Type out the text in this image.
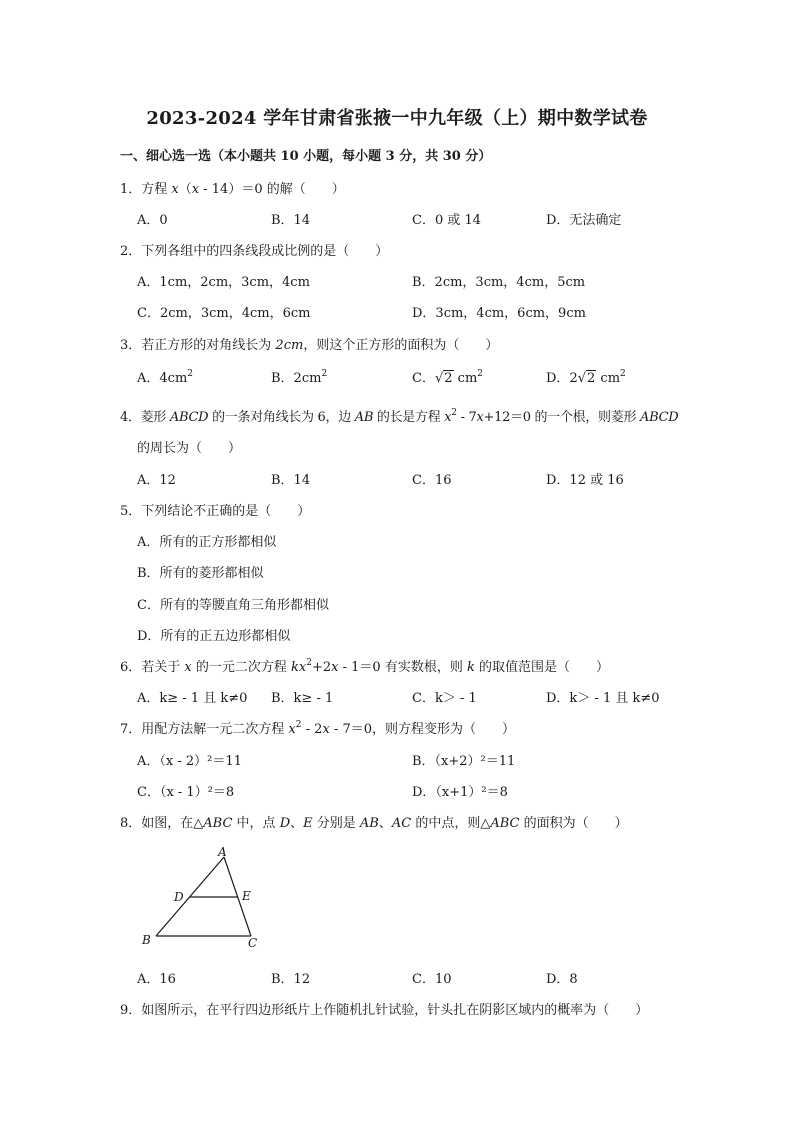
2023-2024 学年甘肃省张掖一中九年级（上）期中数学试卷
一、细心选一选（本小题共 10 小题，每小题 3 分，共 30 分）
1．方程 x（x - 14）＝0 的解（　　）
A．0	B．14	C．0 或 14	D．无法确定
2．下列各组中的四条线段成比例的是（　　）
A．1cm，2cm，3cm，4cm	B．2cm，3cm，4cm，5cm
C．2cm，3cm，4cm，6cm	D．3cm，4cm，6cm，9cm
3．若正方形的对角线长为 2cm，则这个正方形的面积为（　　）
A．$4cm^2$	B．$2cm^2$	C．√2 $cm^2$	D．2√2 $cm^2$
4．菱形 ABCD 的一条对角线长为 6，边 AB 的长是方程 $x^2 - 7x+12=0$ 的一个根，则菱形 ABCD
的周长为（　　）
A．12	B．14	C．16	D．12 或 16
5．下列结论不正确的是（　　）
A．所有的正方形都相似
B．所有的菱形都相似
C．所有的等腰直角三角形都相似
D．所有的正五边形都相似
6．若关于 x 的一元二次方程 $kx^2+2x - 1=0$ 有实数根，则 k 的取值范围是（　　）
A．k≥ - 1 且 k≠0 B．k≥ - 1	C．k＞ - 1	D．k＞ - 1 且 k≠0
7．用配方法解一元二次方程 $x^2 - 2x - 7=0$，则方程变形为（　　）
A．（x - 2）²＝11	B．（x+2）²＝11
C．（x - 1）²＝8	D．（x+1）²＝8
8．如图，在△ABC 中，点 D、E 分别是 AB、AC 的中点，则△ABC 的面积为（　　）
A
D	E
B	C
A．16	B．12	C．10	D．8
9．如图所示，在平行四边形纸片上作随机扎针试验，针头扎在阴影区域内的概率为（　　）
